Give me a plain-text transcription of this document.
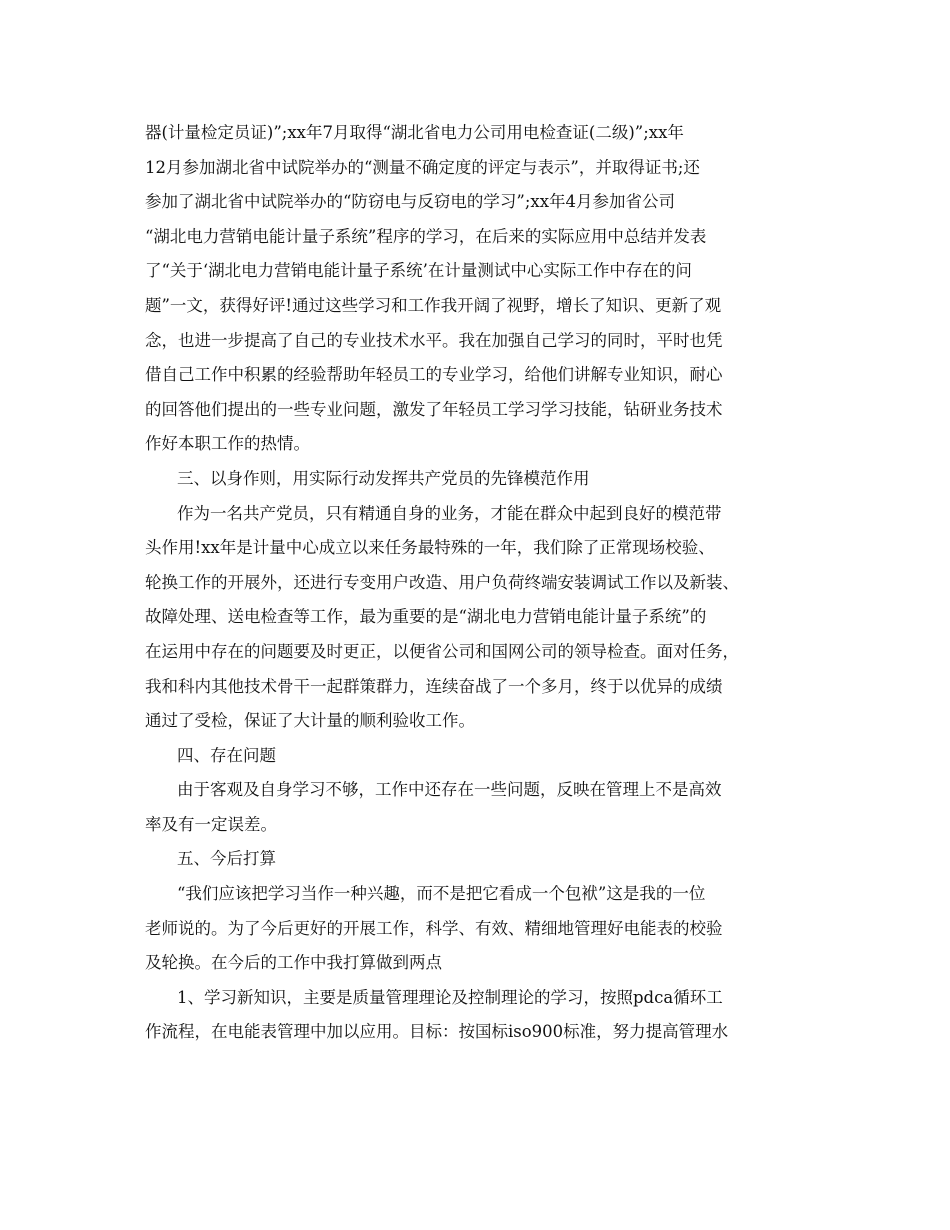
器(计量检定员证)”;xx年7月取得“湖北省电力公司用电检查证(二级)”;xx年
12月参加湖北省中试院举办的“测量不确定度的评定与表示”，并取得证书;还
参加了湖北省中试院举办的“防窃电与反窃电的学习”;xx年4月参加省公司
“湖北电力营销电能计量子系统”程序的学习，在后来的实际应用中总结并发表
了“关于‘湖北电力营销电能计量子系统’在计量测试中心实际工作中存在的问
题”一文，获得好评!通过这些学习和工作我开阔了视野，增长了知识、更新了观
念，也进一步提高了自己的专业技术水平。我在加强自己学习的同时，平时也凭
借自己工作中积累的经验帮助年轻员工的专业学习，给他们讲解专业知识，耐心
的回答他们提出的一些专业问题，激发了年轻员工学习学习技能，钻研业务技术
作好本职工作的热情。
三、以身作则，用实际行动发挥共产党员的先锋模范作用
作为一名共产党员，只有精通自身的业务，才能在群众中起到良好的模范带
头作用!xx年是计量中心成立以来任务最特殊的一年，我们除了正常现场校验、
轮换工作的开展外，还进行专变用户改造、用户负荷终端安装调试工作以及新装、
故障处理、送电检查等工作，最为重要的是“湖北电力营销电能计量子系统”的
在运用中存在的问题要及时更正，以便省公司和国网公司的领导检查。面对任务，
我和科内其他技术骨干一起群策群力，连续奋战了一个多月，终于以优异的成绩
通过了受检，保证了大计量的顺利验收工作。
四、存在问题
由于客观及自身学习不够，工作中还存在一些问题，反映在管理上不是高效
率及有一定误差。
五、今后打算
“我们应该把学习当作一种兴趣，而不是把它看成一个包袱”这是我的一位
老师说的。为了今后更好的开展工作，科学、有效、精细地管理好电能表的校验
及轮换。在今后的工作中我打算做到两点
1、学习新知识，主要是质量管理理论及控制理论的学习，按照pdca循环工
作流程，在电能表管理中加以应用。目标：按国标iso900标准，努力提高管理水
